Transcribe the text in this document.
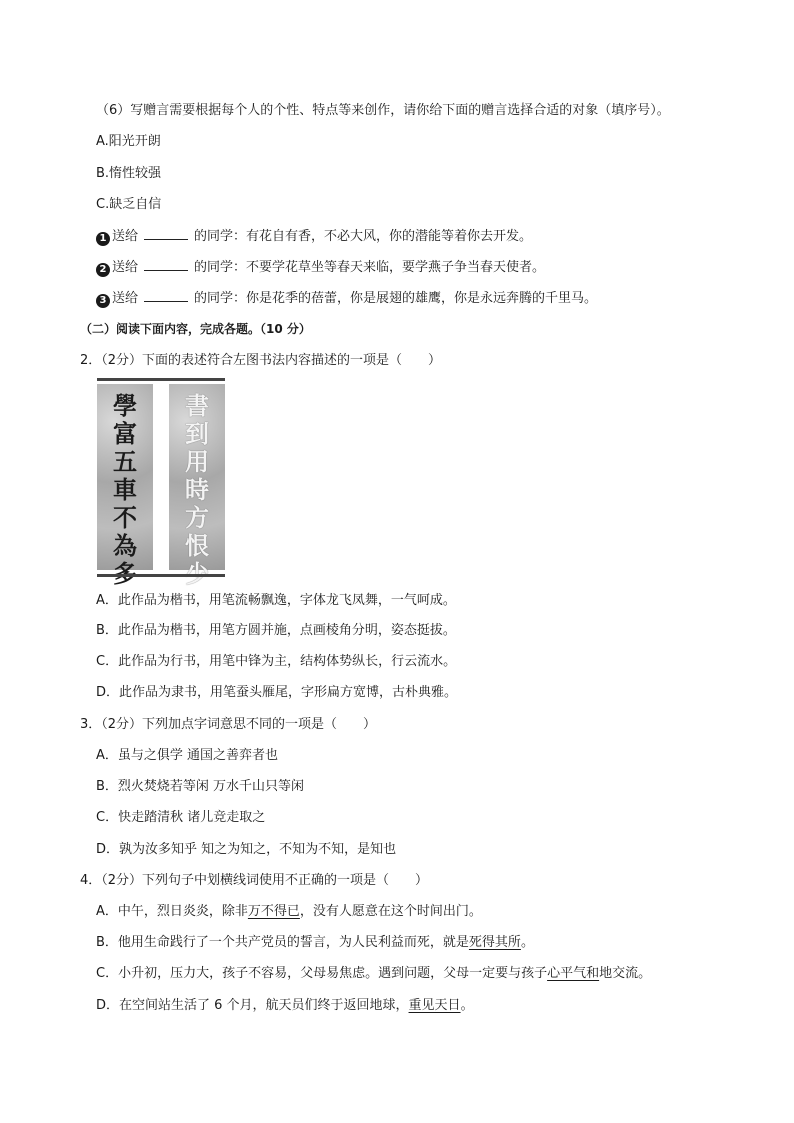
（6）写赠言需要根据每个人的个性、特点等来创作，请你给下面的赠言选择合适的对象（填序号）。
A.阳光开朗
B.惰性较强
C.缺乏自信
1 送给	的同学：有花自有香，不必大风，你的潜能等着你去开发。
2 送给	的同学：不要学花草坐等春天来临，要学燕子争当春天使者。
3 送给	的同学：你是花季的蓓蕾，你是展翅的雄鹰，你是永远奔腾的千里马。
（二）阅读下面内容，完成各题。（10 分）
2．（2分）下面的表述符合左图书法内容描述的一项是（　　）
學
富
五
車
不
為
書
到
用
時
方
恨
A．此作品为楷书，用笔流畅飘逸，字体龙飞凤舞，一气呵成。
B．此作品为楷书，用笔方圆并施，点画棱角分明，姿态挺拔。
C．此作品为行书，用笔中锋为主，结构体势纵长，行云流水。
D．此作品为隶书，用笔蚕头雁尾，字形扁方宽博，古朴典雅。
3．（2分）下列加点字词意思不同的一项是（　　）
A．虽与之俱学 通国之善弈者也
B．烈火焚烧若等闲 万水千山只等闲
C．快走踏清秋 诸儿竞走取之
D．孰为汝多知乎 知之为知之，不知为不知，是知也
4．（2分）下列句子中划横线词使用不正确的一项是（　　）
A．中午，烈日炎炎，除非万不得已，没有人愿意在这个时间出门。
B．他用生命践行了一个共产党员的誓言，为人民利益而死，就是死得其所。
C．小升初，压力大，孩子不容易，父母易焦虑。遇到问题，父母一定要与孩子心平气和地交流。
D．在空间站生活了 6 个月，航天员们终于返回地球，重见天日。
